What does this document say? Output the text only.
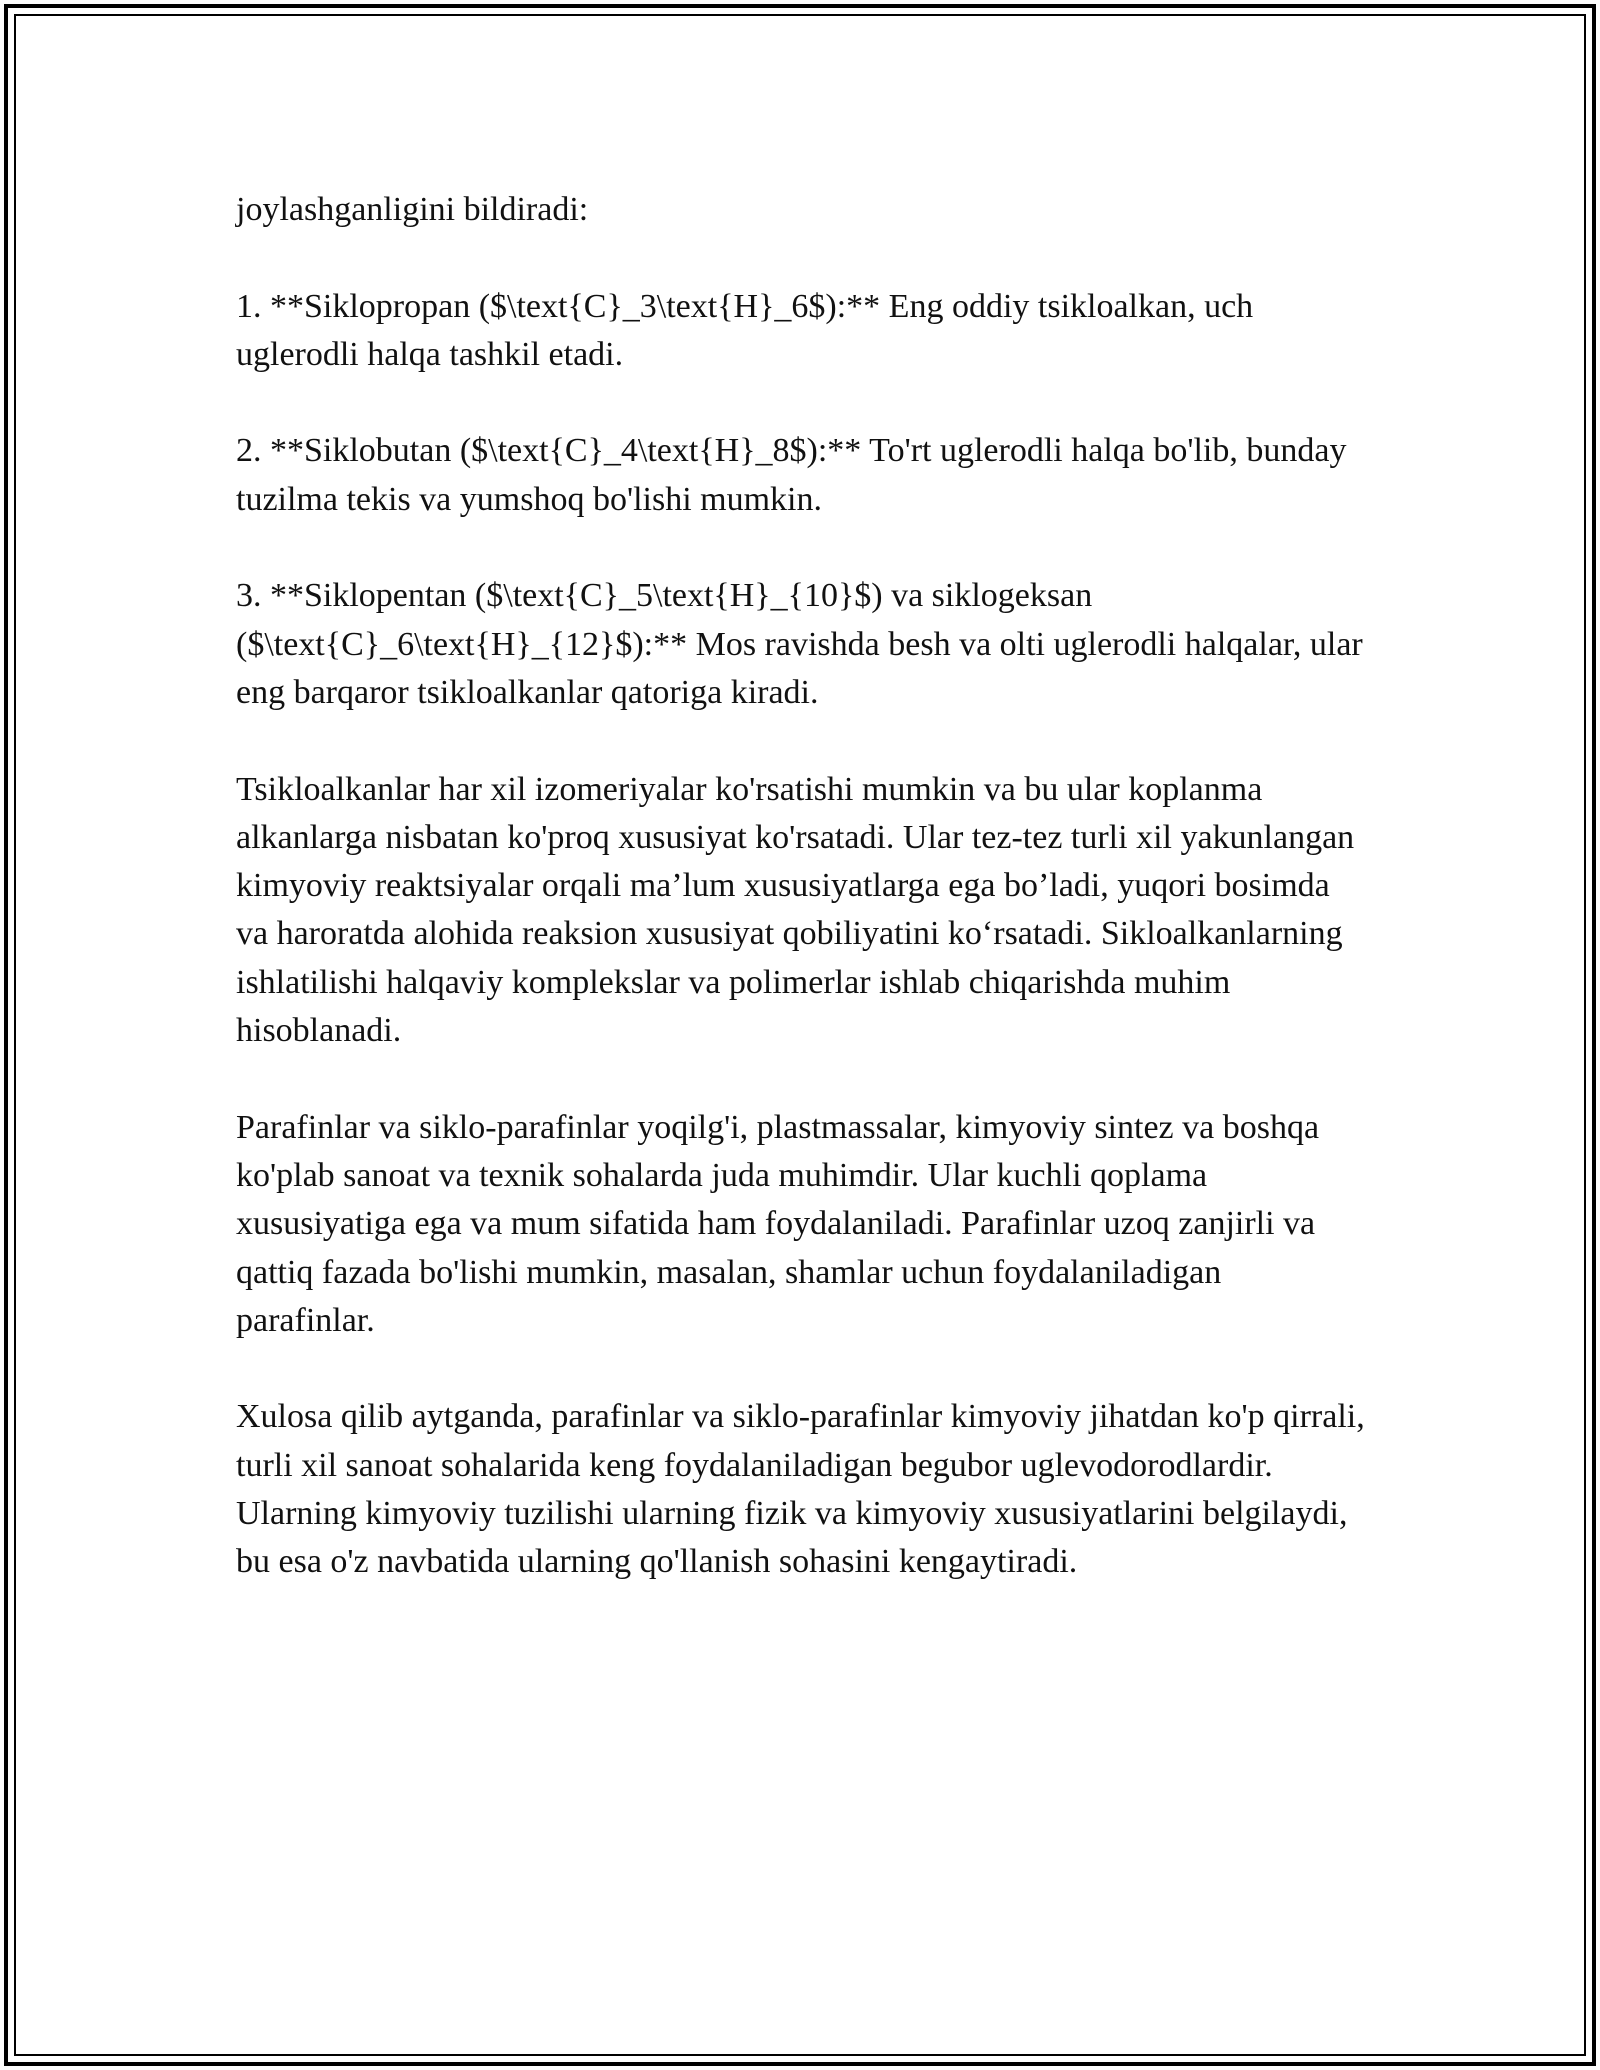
joylashganligini bildiradi:

1. **Siklopropan ($\text{C}_3\text{H}_6$):** Eng oddiy tsikloalkan, uch uglerodli halqa tashkil etadi.

2. **Siklobutan ($\text{C}_4\text{H}_8$):** To'rt uglerodli halqa bo'lib, bunday tuzilma tekis va yumshoq bo'lishi mumkin.

3. **Siklopentan ($\text{C}_5\text{H}_{10}$) va siklogeksan ($\text{C}_6\text{H}_{12}$):** Mos ravishda besh va olti uglerodli halqalar, ular eng barqaror tsikloalkanlar qatoriga kiradi.

Tsikloalkanlar har xil izomeriyalar ko'rsatishi mumkin va bu ular koplanma alkanlarga nisbatan ko'proq xususiyat ko'rsatadi. Ular tez-tez turli xil yakunlangan kimyoviy reaktsiyalar orqali ma’lum xususiyatlarga ega bo’ladi, yuqori bosimda va haroratda alohida reaksion xususiyat qobiliyatini ko‘rsatadi. Sikloalkanlarning ishlatilishi halqaviy komplekslar va polimerlar ishlab chiqarishda muhim hisoblanadi.

Parafinlar va siklo-parafinlar yoqilg'i, plastmassalar, kimyoviy sintez va boshqa ko'plab sanoat va texnik sohalarda juda muhimdir. Ular kuchli qoplama xususiyatiga ega va mum sifatida ham foydalaniladi. Parafinlar uzoq zanjirli va qattiq fazada bo'lishi mumkin, masalan, shamlar uchun foydalaniladigan parafinlar.

Xulosa qilib aytganda, parafinlar va siklo-parafinlar kimyoviy jihatdan ko'p qirrali, turli xil sanoat sohalarida keng foydalaniladigan begubor uglevodorodlardir. Ularning kimyoviy tuzilishi ularning fizik va kimyoviy xususiyatlarini belgilaydi, bu esa o'z navbatida ularning qo'llanish sohasini kengaytiradi.
